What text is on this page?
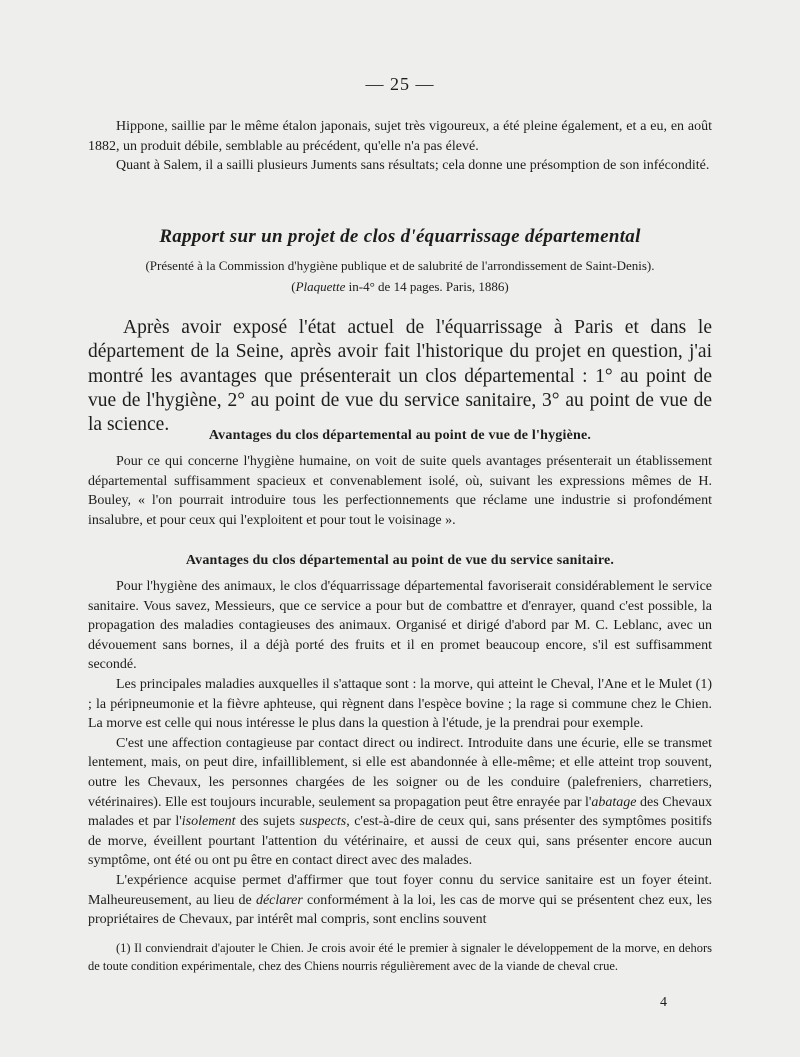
— 25 —

Hippone, saillie par le même étalon japonais, sujet très vigoureux, a été pleine également, et a eu, en août 1882, un produit débile, semblable au précédent, qu'elle n'a pas élevé.

Quant à Salem, il a sailli plusieurs Juments sans résultats; cela donne une présomption de son infécondité.

Rapport sur un projet de clos d'équarrissage départemental
(Présenté à la Commission d'hygiène publique et de salubrité de l'arrondissement de Saint-Denis).
(Plaquette in-4° de 14 pages. Paris, 1886)

Après avoir exposé l'état actuel de l'équarrissage à Paris et dans le département de la Seine, après avoir fait l'historique du projet en question, j'ai montré les avantages que présenterait un clos départemental : 1° au point de vue de l'hygiène, 2° au point de vue du service sanitaire, 3° au point de vue de la science.

Avantages du clos départemental au point de vue de l'hygiène.

Pour ce qui concerne l'hygiène humaine, on voit de suite quels avantages présenterait un établissement départemental suffisamment spacieux et convenablement isolé, où, suivant les expressions mêmes de H. Bouley, « l'on pourrait introduire tous les perfectionnements que réclame une industrie si profondément insalubre, et pour ceux qui l'exploitent et pour tout le voisinage ».

Avantages du clos départemental au point de vue du service sanitaire.

Pour l'hygiène des animaux, le clos d'équarrissage départemental favoriserait considérablement le service sanitaire. Vous savez, Messieurs, que ce service a pour but de combattre et d'enrayer, quand c'est possible, la propagation des maladies contagieuses des animaux. Organisé et dirigé d'abord par M. C. Leblanc, avec un dévouement sans bornes, il a déjà porté des fruits et il en promet beaucoup encore, s'il est suffisamment secondé.

Les principales maladies auxquelles il s'attaque sont : la morve, qui atteint le Cheval, l'Ane et le Mulet (1) ; la péripneumonie et la fièvre aphteuse, qui règnent dans l'espèce bovine ; la rage si commune chez le Chien. La morve est celle qui nous intéresse le plus dans la question à l'étude, je la prendrai pour exemple.

C'est une affection contagieuse par contact direct ou indirect. Introduite dans une écurie, elle se transmet lentement, mais, on peut dire, infailliblement, si elle est abandonnée à elle-même; et elle atteint trop souvent, outre les Chevaux, les personnes chargées de les soigner ou de les conduire (palefreniers, charretiers, vétérinaires). Elle est toujours incurable, seulement sa propagation peut être enrayée par l'abatage des Chevaux malades et par l'isolement des sujets suspects, c'est-à-dire de ceux qui, sans présenter des symptômes positifs de morve, éveillent pourtant l'attention du vétérinaire, et aussi de ceux qui, sans présenter encore aucun symptôme, ont été ou ont pu être en contact direct avec des malades.

L'expérience acquise permet d'affirmer que tout foyer connu du service sanitaire est un foyer éteint. Malheureusement, au lieu de déclarer conformément à la loi, les cas de morve qui se présentent chez eux, les propriétaires de Chevaux, par intérêt mal compris, sont enclins souvent

(1) Il conviendrait d'ajouter le Chien. Je crois avoir été le premier à signaler le développement de la morve, en dehors de toute condition expérimentale, chez des Chiens nourris régulièrement avec de la viande de cheval crue.

4
